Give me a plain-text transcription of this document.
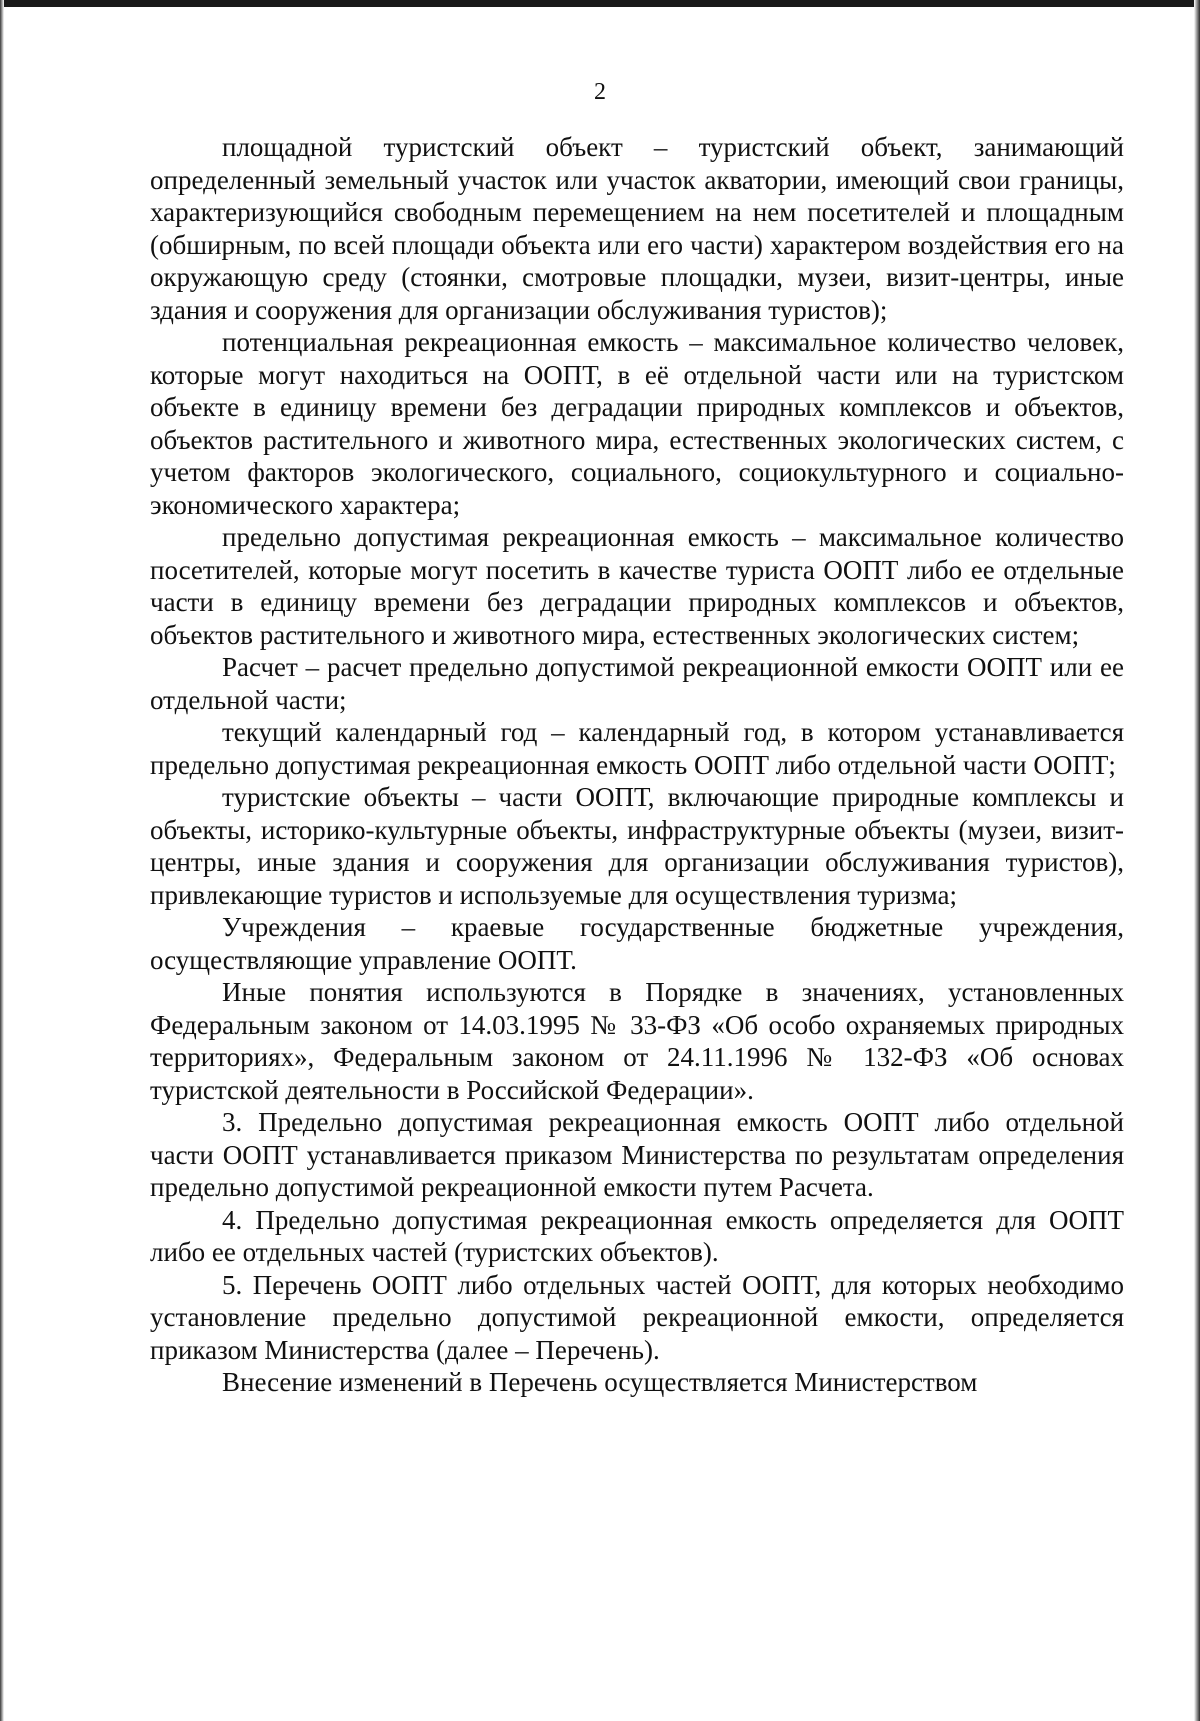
2

площадной туристский объект – туристский объект, занимающий определенный земельный участок или участок акватории, имеющий свои границы, характеризующийся свободным перемещением на нем посетителей и площадным (обширным, по всей площади объекта или его части) характером воздействия его на окружающую среду (стоянки, смотровые площадки, музеи, визит-центры, иные здания и сооружения для организации обслуживания туристов);

потенциальная рекреационная емкость – максимальное количество человек, которые могут находиться на ООПТ, в её отдельной части или на туристском объекте в единицу времени без деградации природных комплексов и объектов, объектов растительного и животного мира, естественных экологических систем, с учетом факторов экологического, социального, социокультурного и социально-экономического характера;

предельно допустимая рекреационная емкость – максимальное количество посетителей, которые могут посетить в качестве туриста ООПТ либо ее отдельные части в единицу времени без деградации природных комплексов и объектов, объектов растительного и животного мира, естественных экологических систем;

Расчет – расчет предельно допустимой рекреационной емкости ООПТ или ее отдельной части;

текущий календарный год – календарный год, в котором устанавливается предельно допустимая рекреационная емкость ООПТ либо отдельной части ООПТ;

туристские объекты – части ООПТ, включающие природные комплексы и объекты, историко-культурные объекты, инфраструктурные объекты (музеи, визит-центры, иные здания и сооружения для организации обслуживания туристов), привлекающие туристов и используемые для осуществления туризма;

Учреждения – краевые государственные бюджетные учреждения, осуществляющие управление ООПТ.

Иные понятия используются в Порядке в значениях, установленных Федеральным законом от 14.03.1995 № 33-ФЗ «Об особо охраняемых природных территориях», Федеральным законом от 24.11.1996 № 132-ФЗ «Об основах туристской деятельности в Российской Федерации».

3. Предельно допустимая рекреационная емкость ООПТ либо отдельной части ООПТ устанавливается приказом Министерства по результатам определения предельно допустимой рекреационной емкости путем Расчета.

4. Предельно допустимая рекреационная емкость определяется для ООПТ либо ее отдельных частей (туристских объектов).

5. Перечень ООПТ либо отдельных частей ООПТ, для которых необходимо установление предельно допустимой рекреационной емкости, определяется приказом Министерства (далее – Перечень).

Внесение изменений в Перечень осуществляется Министерством
